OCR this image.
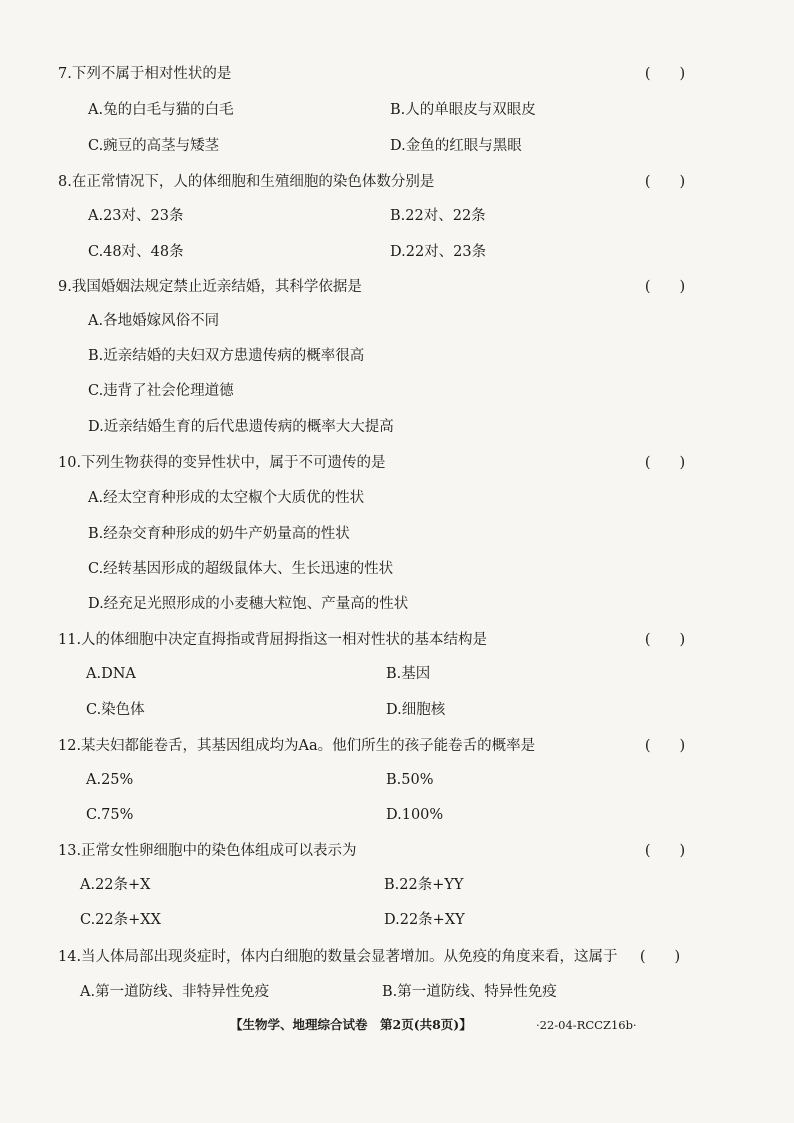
7.下列不属于相对性状的是	(　　)
A.兔的白毛与猫的白毛	B.人的单眼皮与双眼皮
C.豌豆的高茎与矮茎	D.金鱼的红眼与黑眼
8.在正常情况下，人的体细胞和生殖细胞的染色体数分别是	(　　)
A.23对、23条	B.22对、22条
C.48对、48条	D.22对、23条
9.我国婚姻法规定禁止近亲结婚，其科学依据是	(　　)
A.各地婚嫁风俗不同
B.近亲结婚的夫妇双方患遗传病的概率很高
C.违背了社会伦理道德
D.近亲结婚生育的后代患遗传病的概率大大提高
10.下列生物获得的变异性状中，属于不可遗传的是	(　　)
A.经太空育种形成的太空椒个大质优的性状
B.经杂交育种形成的奶牛产奶量高的性状
C.经转基因形成的超级鼠体大、生长迅速的性状
D.经充足光照形成的小麦穗大粒饱、产量高的性状
11.人的体细胞中决定直拇指或背屈拇指这一相对性状的基本结构是	(　　)
A.DNA	B.基因
C.染色体	D.细胞核
12.某夫妇都能卷舌，其基因组成均为Aa。他们所生的孩子能卷舌的概率是	(　　)
A.25%	B.50%
C.75%	D.100%
13.正常女性卵细胞中的染色体组成可以表示为	(　　)
A.22条+X	B.22条+YY
C.22条+XX	D.22条+XY
14.当人体局部出现炎症时，体内白细胞的数量会显著增加。从免疫的角度来看，这属于	(　　)
A.第一道防线、非特异性免疫	B.第一道防线、特异性免疫
【生物学、地理综合试卷　第2页(共8页)】	·22-04-RCCZ16b·
